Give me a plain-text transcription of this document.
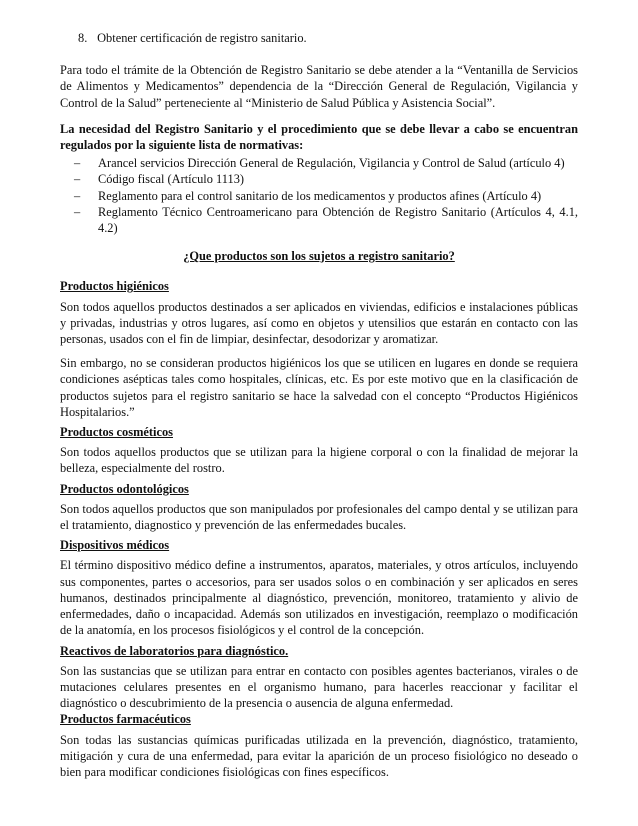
8. Obtener certificación de registro sanitario.

Para todo el trámite de la Obtención de Registro Sanitario se debe atender a la “Ventanilla de Servicios de Alimentos y Medicamentos” dependencia de la “Dirección General de Regulación, Vigilancia y Control de la Salud” perteneciente al “Ministerio de Salud Pública y Asistencia Social”.

La necesidad del Registro Sanitario y el procedimiento que se debe llevar a cabo se encuentran regulados por la siguiente lista de normativas:

– Arancel servicios Dirección General de Regulación, Vigilancia y Control de Salud (artículo 4)
– Código fiscal (Artículo 1113)
– Reglamento para el control sanitario de los medicamentos y productos afines (Artículo 4)
– Reglamento Técnico Centroamericano para Obtención de Registro Sanitario (Artículos 4, 4.1, 4.2)
¿Que productos son los sujetos a registro sanitario?
Productos higiénicos

Son todos aquellos productos destinados a ser aplicados en viviendas, edificios e instalaciones públicas y privadas, industrias y otros lugares, así como en objetos y utensilios que estarán en contacto con las personas, usados con el fin de limpiar, desinfectar, desodorizar y aromatizar.

Sin embargo, no se consideran productos higiénicos los que se utilicen en lugares en donde se requiera condiciones asépticas tales como hospitales, clínicas, etc. Es por este motivo que en la clasificación de productos sujetos para el registro sanitario se hace la salvedad con el concepto “Productos Higiénicos Hospitalarios.”

Productos cosméticos

Son todos aquellos productos que se utilizan para la higiene corporal o con la finalidad de mejorar la belleza, especialmente del rostro.

Productos odontológicos

Son todos aquellos productos que son manipulados por profesionales del campo dental y se utilizan para el tratamiento, diagnostico y prevención de las enfermedades bucales.

Dispositivos médicos

El término dispositivo médico define a instrumentos, aparatos, materiales, y otros artículos, incluyendo sus componentes, partes o accesorios, para ser usados solos o en combinación y ser aplicados en seres humanos, destinados principalmente al diagnóstico, prevención, monitoreo, tratamiento y alivio de enfermedades, daño o incapacidad. Además son utilizados en investigación, reemplazo o modificación de la anatomía, en los procesos fisiológicos y el control de la concepción.

Reactivos de laboratorios para diagnóstico.

Son las sustancias que se utilizan para entrar en contacto con posibles agentes bacterianos, virales o de mutaciones celulares presentes en el organismo humano, para hacerles reaccionar y facilitar el diagnóstico o descubrimiento de la presencia o ausencia de alguna enfermedad.

Productos farmacéuticos

Son todas las sustancias químicas purificadas utilizada en la prevención, diagnóstico, tratamiento, mitigación y cura de una enfermedad, para evitar la aparición de un proceso fisiológico no deseado o bien para modificar condiciones fisiológicas con fines específicos.
